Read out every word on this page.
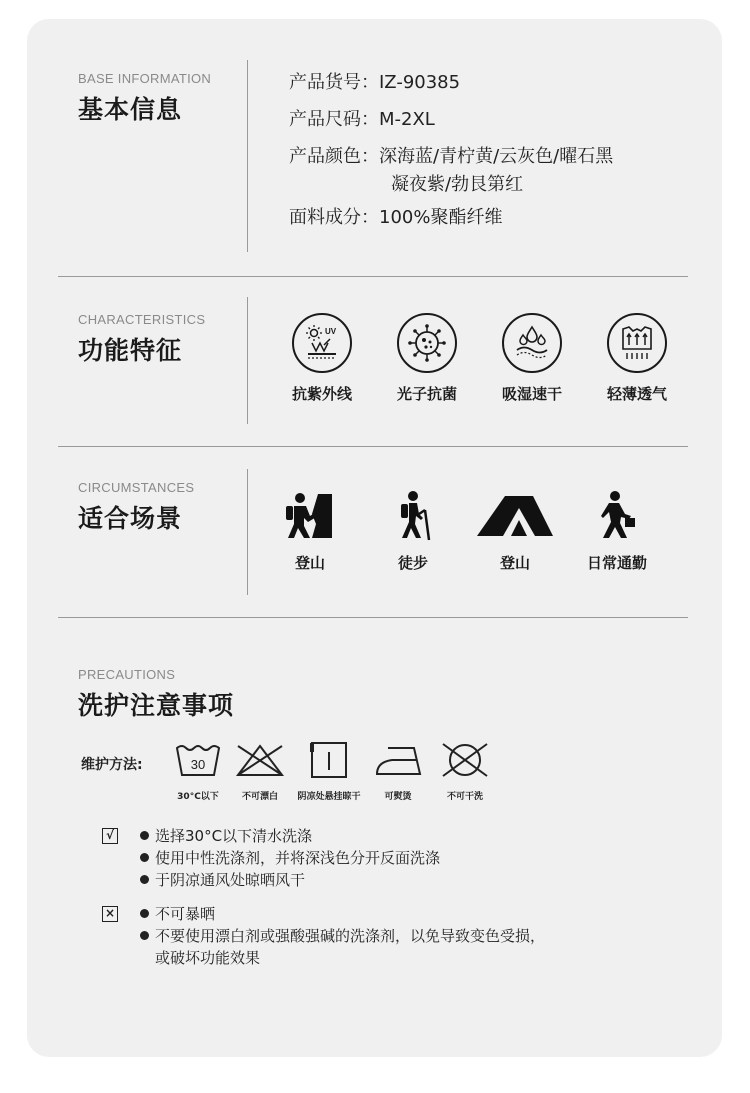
BASE INFORMATION
基本信息
产品货号：IZ-90385
产品尺码：M-2XL
产品颜色：深海蓝/青柠黄/云灰色/曜石黑
凝夜紫/勃艮第红
面料成分：100%聚酯纤维
CHARACTERISTICS
功能特征
UV
抗紫外线	光子抗菌	吸湿速干	轻薄透气
CIRCUMSTANCES
适合场景
登山	徒步	登山	日常通勤
PRECAUTIONS
洗护注意事项
维护方法:	30
30°C以下	不可漂白	阴凉处悬挂晾干	可熨烫	不可干洗
√	选择30°C以下清水洗涤
使用中性洗涤剂，并将深浅色分开反面洗涤
于阴凉通风处晾晒风干
×	不可暴晒
不要使用漂白剂或强酸强碱的洗涤剂，以免导致变色受损，
或破坏功能效果
